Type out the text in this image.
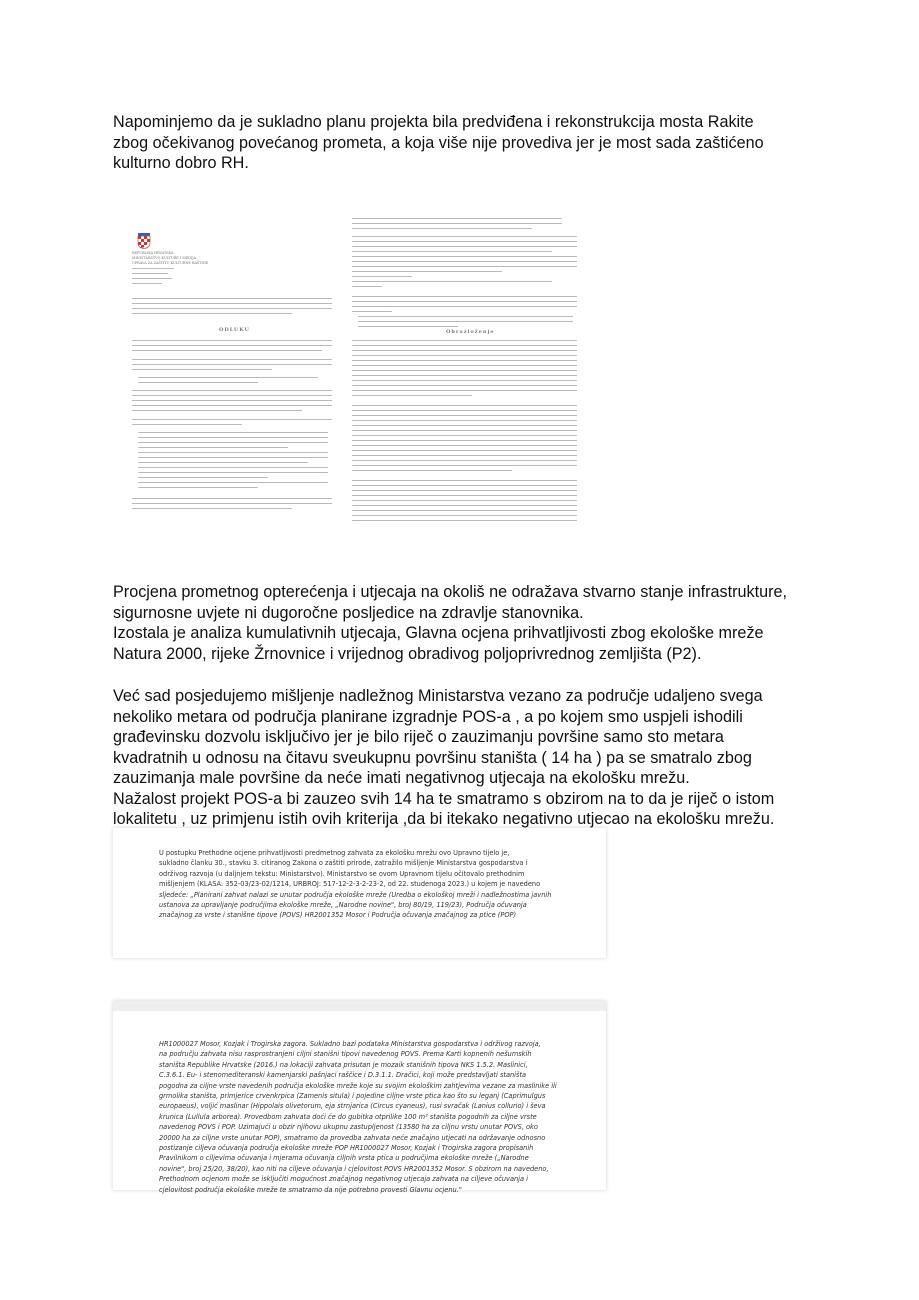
Napominjemo da je sukladno planu projekta bila predviđena i rekonstrukcija mosta Rakite
zbog očekivanog povećanog prometa, a koja više nije provediva jer je most sada zaštićeno
kulturno dobro RH.
REPUBLIKA HRVATSKA
MINISTARSTVO KULTURE I MEDIJA
UPRAVA ZA ZAŠTITU KULTURNE BAŠTINE
ODLUKU	Obrazloženje
Procjena prometnog opterećenja i utjecaja na okoliš ne odražava stvarno stanje infrastrukture,
sigurnosne uvjete ni dugoročne posljedice na zdravlje stanovnika.
Izostala je analiza kumulativnih utjecaja, Glavna ocjena prihvatljivosti zbog ekološke mreže
Natura 2000, rijeke Žrnovnice i vrijednog obradivog poljoprivrednog zemljišta (P2).
Već sad posjedujemo mišljenje nadležnog Ministarstva vezano za područje udaljeno svega
nekoliko metara od područja planirane izgradnje POS-a , a po kojem smo uspjeli ishodili
građevinsku dozvolu isključivo jer je bilo riječ o zauzimanju površine samo sto metara
kvadratnih u odnosu na čitavu sveukupnu površinu staništa ( 14 ha ) pa se smatralo zbog
zauzimanja male površine da neće imati negativnog utjecaja na ekološku mrežu.
Nažalost projekt POS-a bi zauzeo svih 14 ha te smatramo s obzirom na to da je riječ o istom
lokalitetu , uz primjenu istih ovih kriterija ,da bi itekako negativno utjecao na ekološku mrežu.
U postupku Prethodne ocjene prihvatljivosti predmetnog zahvata za ekološku mrežu ovo Upravno tijelo je,
sukladno članku 30., stavku 3. citiranog Zakona o zaštiti prirode, zatražilo mišljenje Ministarstva gospodarstva i
održivog razvoja (u daljnjem tekstu: Ministarstvo). Ministarstvo se ovom Upravnom tijelu očitovalo prethodnim
mišljenjem (KLASA: 352-03/23-02/1214, URBROJ: 517-12-2-3-2-23-2, od 22. studenoga 2023.) u kojem je navedeno
sljedeće: „Planirani zahvat nalazi se unutar područja ekološke mreže (Uredba o ekološkoj mreži i nadležnostima javnih
ustanova za upravljanje područjima ekološke mreže, „Narodne novine", broj 80/19, 119/23), Područja očuvanja
značajnog za vrste i stanišne tipove (POVS) HR2001352 Mosor i Područja očuvanja značajnog za ptice (POP)
HR1000027 Mosor, Kozjak i Trogirska zagora. Sukladno bazi podataka Ministarstva gospodarstva i održivog razvoja,
na području zahvata nisu rasprostranjeni ciljni stanišni tipovi navedenog POVS. Prema Karti kopnenih nešumskih
staništa Republike Hrvatske (2016.) na lokaciji zahvata prisutan je mozaik stanišnih tipova NKS 1.5.2. Maslinici,
C.3.6.1. Eu- i stenomediteranski kamenjarski pašnjaci raščice i D.3.1.1. Dračici, koji može predstavljati staništa
pogodna za ciljne vrste navedenih područja ekološke mreže koje su svojim ekološkim zahtjevima vezane za maslinike ili
grmolika staništa, primjerice crvenkrpica (Zamenis situla) i pojedine ciljne vrste ptica kao što su leganj (Caprimulgus
europaeus), voljić maslinar (Hippolais olivetorum, eja strnjarica (Circus cyaneus), rusi svračak (Lanius collurio) i ševa
krunica (Lullula arborea). Provedbom zahvata doći će do gubitka otprilike 100 m² staništa pogodnih za ciljne vrste
navedenog POVS i POP. Uzimajući u obzir njihovu ukupnu zastupljenost (13580 ha za ciljnu vrstu unutar POVS, oko
20000 ha za ciljne vrste unutar POP), smatramo da provedba zahvata neće značajno utjecati na održavanje odnosno
postizanje ciljeva očuvanja područja ekološke mreže POP HR1000027 Mosor, Kozjak i Trogirska zagora propisanih
Pravilnikom o ciljevima očuvanja i mjerama očuvanja ciljnih vrsta ptica u područjima ekološke mreže („Narodne
novine", broj 25/20, 38/20), kao niti na ciljeve očuvanja i cjelovitost POVS HR2001352 Mosor. S obzirom na navedeno,
Prethodnom ocjenom može se isključiti mogućnost značajnog negativnog utjecaja zahvata na ciljeve očuvanja i
cjelovitost područja ekološke mreže te smatramo da nije potrebno provesti Glavnu ocjenu."
